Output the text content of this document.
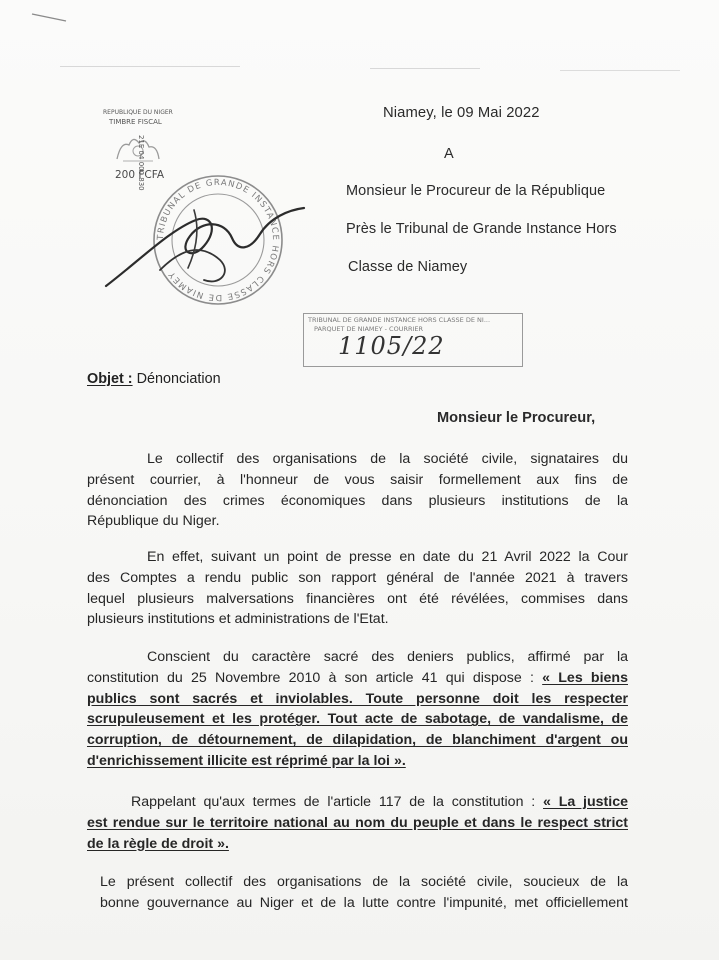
REPUBLIQUE DU NIGER
TIMBRE FISCAL
200 FCFA
21E 04 000 830
TRIBUNAL DE GRANDE INSTANCE HORS CLASSE DE NIAMEY
Niamey, le 09 Mai 2022
A
Monsieur le Procureur de la République
Près le Tribunal de Grande Instance Hors
Classe de Niamey
TRIBUNAL DE GRANDE INSTANCE HORS CLASSE DE NI...
PARQUET DE NIAMEY - COURRIER
1105/22
Objet : Dénonciation
Monsieur le Procureur,
Le collectif des organisations de la société civile, signataires du
présent courrier, à l'honneur de vous saisir formellement aux fins de
dénonciation des crimes économiques dans plusieurs institutions de la
République du Niger.
En effet, suivant un point de presse en date du 21 Avril 2022 la Cour
des Comptes a rendu public son rapport général de l'année 2021 à travers
lequel plusieurs malversations financières ont été révélées, commises dans
plusieurs institutions et administrations de l'Etat.
Conscient du caractère sacré des deniers publics, affirmé par la
constitution du 25 Novembre 2010 à son article 41 qui dispose : « Les biens
publics sont sacrés et inviolables. Toute personne doit les respecter
scrupuleusement et les protéger. Tout acte de sabotage, de vandalisme, de
corruption, de détournement, de dilapidation, de blanchiment d'argent ou
d'enrichissement illicite est réprimé par la loi ».
Rappelant qu'aux termes de l'article 117 de la constitution : « La justice
est rendue sur le territoire national au nom du peuple et dans le respect strict
de la règle de droit ».
Le présent collectif des organisations de la société civile, soucieux de la
bonne gouvernance au Niger et de la lutte contre l'impunité, met officiellement
